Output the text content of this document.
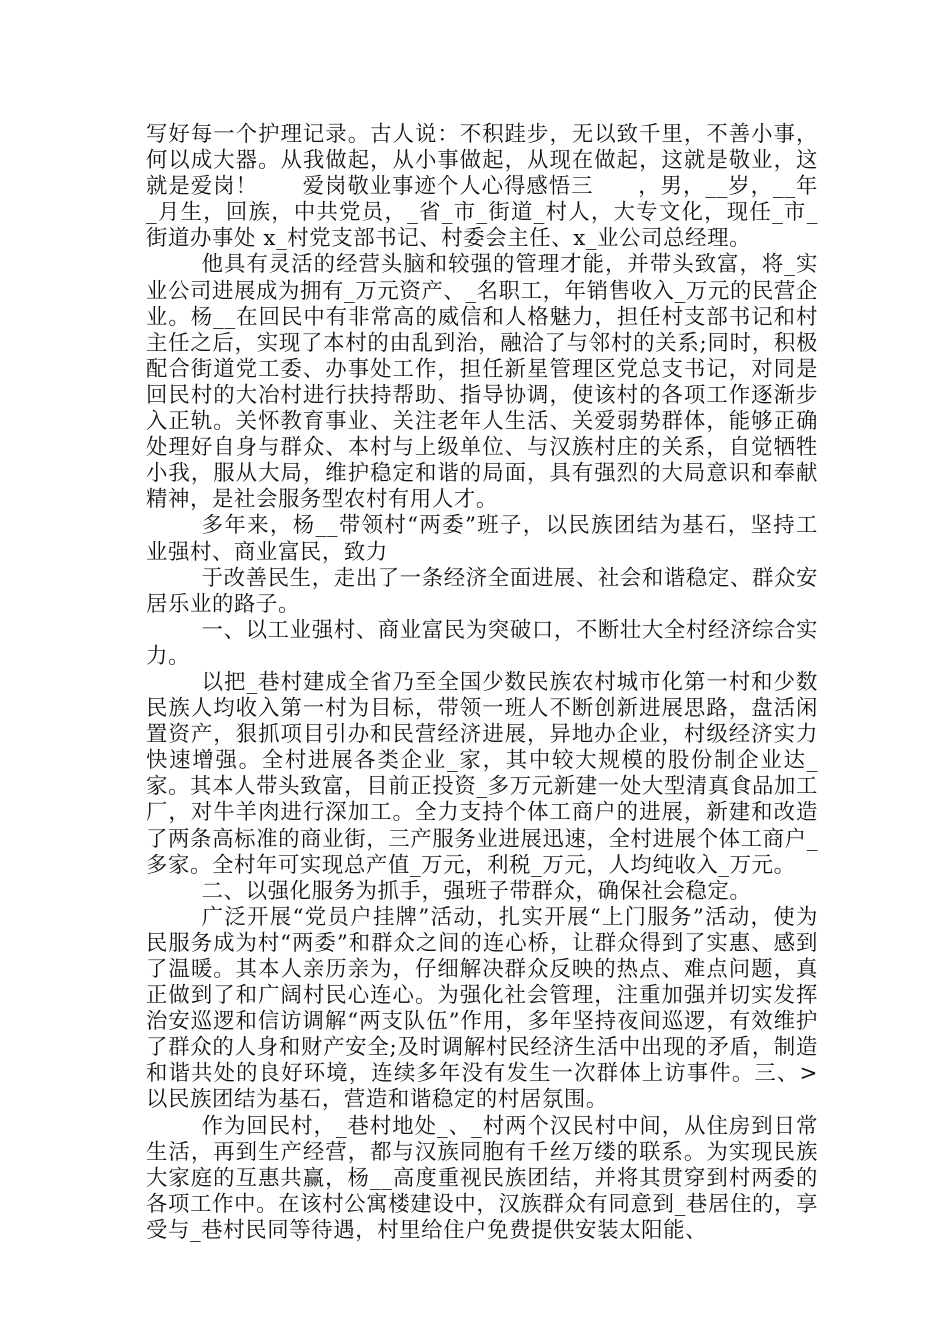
写好每一个护理记录。古人说：不积跬步，无以致千里，不善小事，何以成大器。从我做起，从小事做起，从现在做起，这就是敬业，这就是爱岗！　　爱岗敬业事迹个人心得感悟三　　，男，__岁，__年 _月生，回族，中共党员，_省_市_街道_村人，大专文化，现任_市_街道办事处 x_村党支部书记、村委会主任、x_业公司总经理。

他具有灵活的经营头脑和较强的管理才能，并带头致富，将_实业公司进展成为拥有_万元资产、_名职工，年销售收入_万元的民营企业。杨__在回民中有非常高的威信和人格魅力，担任村支部书记和村主任之后，实现了本村的由乱到治，融洽了与邻村的关系;同时，积极配合街道党工委、办事处工作，担任新星管理区党总支书记，对同是回民村的大冶村进行扶持帮助、指导协调，使该村的各项工作逐渐步入正轨。关怀教育事业、关注老年人生活、关爱弱势群体，能够正确处理好自身与群众、本村与上级单位、与汉族村庄的关系，自觉牺牲小我，服从大局，维护稳定和谐的局面，具有强烈的大局意识和奉献精神，是社会服务型农村有用人才。

多年来，杨__带领村“两委”班子，以民族团结为基石，坚持工业强村、商业富民，致力

于改善民生，走出了一条经济全面进展、社会和谐稳定、群众安居乐业的路子。

一、以工业强村、商业富民为突破口，不断壮大全村经济综合实力。

以把_巷村建成全省乃至全国少数民族农村城市化第一村和少数民族人均收入第一村为目标，带领一班人不断创新进展思路，盘活闲置资产，狠抓项目引办和民营经济进展，异地办企业，村级经济实力快速增强。全村进展各类企业_家，其中较大规模的股份制企业达_家。其本人带头致富，目前正投资_多万元新建一处大型清真食品加工厂，对牛羊肉进行深加工。全力支持个体工商户的进展，新建和改造了两条高标准的商业街，三产服务业进展迅速，全村进展个体工商户_多家。全村年可实现总产值_万元，利税_万元，人均纯收入_万元。

二、以强化服务为抓手，强班子带群众，确保社会稳定。

广泛开展“党员户挂牌”活动，扎实开展“上门服务”活动，使为民服务成为村“两委”和群众之间的连心桥，让群众得到了实惠、感到了温暖。其本人亲历亲为，仔细解决群众反映的热点、难点问题，真正做到了和广阔村民心连心。为强化社会管理，注重加强并切实发挥治安巡逻和信访调解“两支队伍”作用，多年坚持夜间巡逻，有效维护了群众的人身和财产安全;及时调解村民经济生活中出现的矛盾，制造和谐共处的良好环境，连续多年没有发生一次群体上访事件。三、>以民族团结为基石，营造和谐稳定的村居氛围。

作为回民村，_巷村地处_、_村两个汉民村中间，从住房到日常生活，再到生产经营，都与汉族同胞有千丝万缕的联系。为实现民族大家庭的互惠共赢，杨__高度重视民族团结，并将其贯穿到村两委的各项工作中。在该村公寓楼建设中，汉族群众有同意到_巷居住的，享受与_巷村民同等待遇，村里给住户免费提供安装太阳能、
